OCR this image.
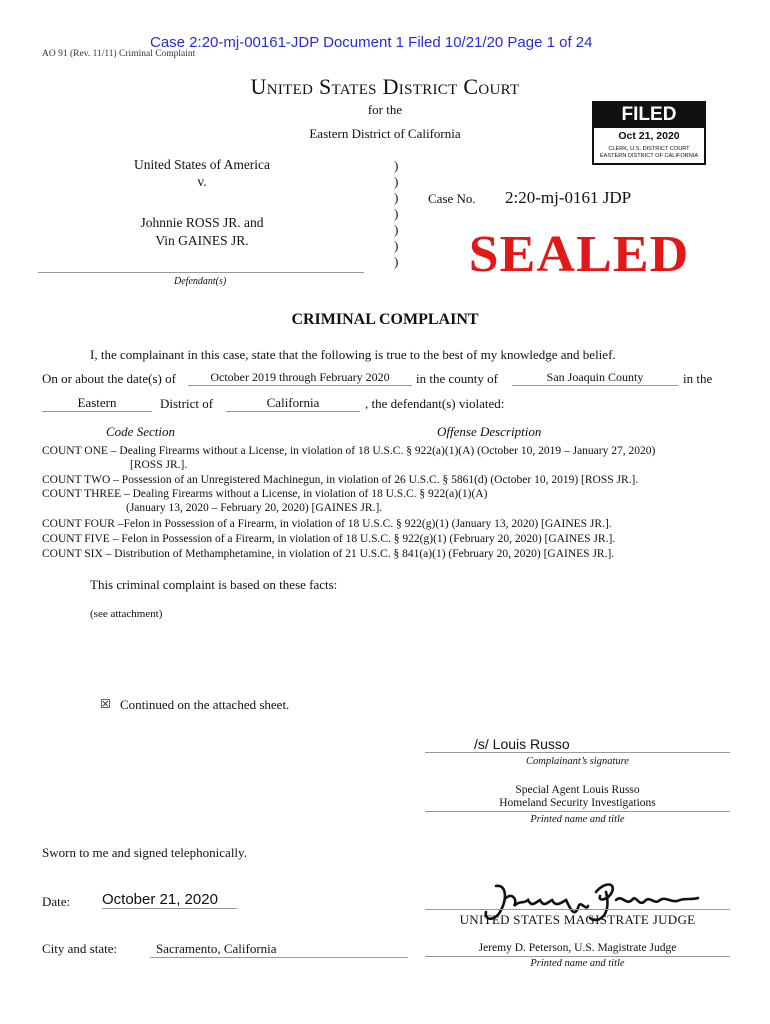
Case 2:20-mj-00161-JDP Document 1 Filed 10/21/20 Page 1 of 24
AO 91 (Rev. 11/11) Criminal Complaint
United States District Court
for the
Eastern District of California
FILED
Oct 21, 2020
CLERK, U.S. DISTRICT COURT
EASTERN DISTRICT OF CALIFORNIA
United States of America
v.
Johnnie ROSS JR. and
Vin GAINES JR.
)
)
)
)
)
)
)
Case No. 2:20-mj-0161 JDP
SEALED
Defendant(s)
CRIMINAL COMPLAINT
I, the complainant in this case, state that the following is true to the best of my knowledge and belief.
On or about the date(s) of	October 2019 through February 2020	in the county of	San Joaquin County	in the
Eastern	District of	California	, the defendant(s) violated:
Code Section	Offense Description
COUNT ONE – Dealing Firearms without a License, in violation of 18 U.S.C. § 922(a)(1)(A) (October 10, 2019 – January 27, 2020)
[ROSS JR.].
COUNT TWO – Possession of an Unregistered Machinegun, in violation of 26 U.S.C. § 5861(d) (October 10, 2019) [ROSS JR.].
COUNT THREE – Dealing Firearms without a License, in violation of 18 U.S.C. § 922(a)(1)(A)
(January 13, 2020 – February 20, 2020) [GAINES JR.].
COUNT FOUR –Felon in Possession of a Firearm, in violation of 18 U.S.C. § 922(g)(1) (January 13, 2020) [GAINES JR.].
COUNT FIVE – Felon in Possession of a Firearm, in violation of 18 U.S.C. § 922(g)(1) (February 20, 2020) [GAINES JR.].
COUNT SIX – Distribution of Methamphetamine, in violation of 21 U.S.C. § 841(a)(1) (February 20, 2020) [GAINES JR.].
This criminal complaint is based on these facts:
(see attachment)
☒ Continued on the attached sheet.
/s/ Louis Russo
Complainant’s signature
Special Agent Louis Russo
Homeland Security Investigations
Printed name and title
Sworn to me and signed telephonically.
Date: October 21, 2020
UNITED STATES MAGISTRATE JUDGE
City and state:	Sacramento, California	Jeremy D. Peterson, U.S. Magistrate Judge
Printed name and title
